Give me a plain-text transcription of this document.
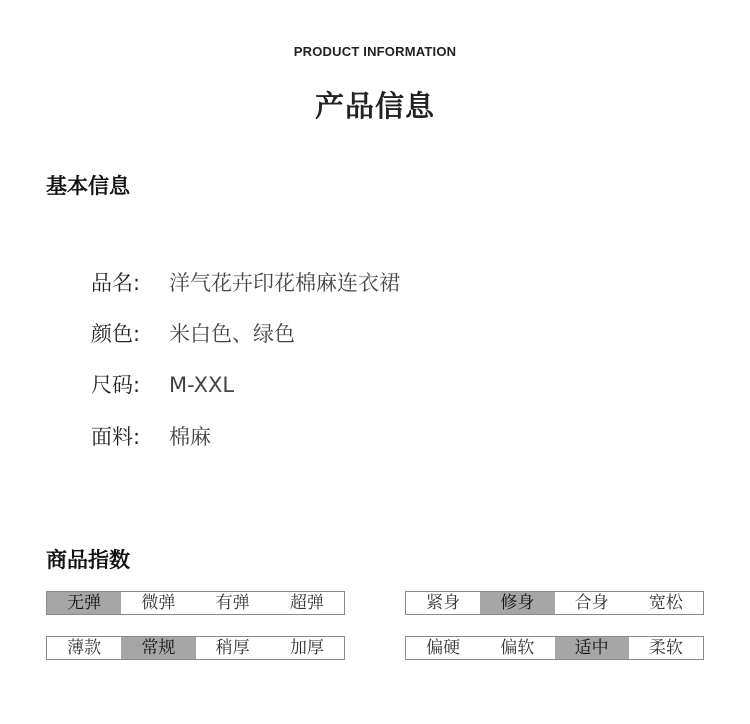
PRODUCT INFORMATION
产品信息
基本信息
品名: 洋气花卉印花棉麻连衣裙
颜色: 米白色、绿色
尺码: M-XXL
面料: 棉麻
商品指数
无弹	微弹	有弹	超弹	紧身	修身	合身	宽松
薄款	常规	稍厚	加厚	偏硬	偏软	适中	柔软
